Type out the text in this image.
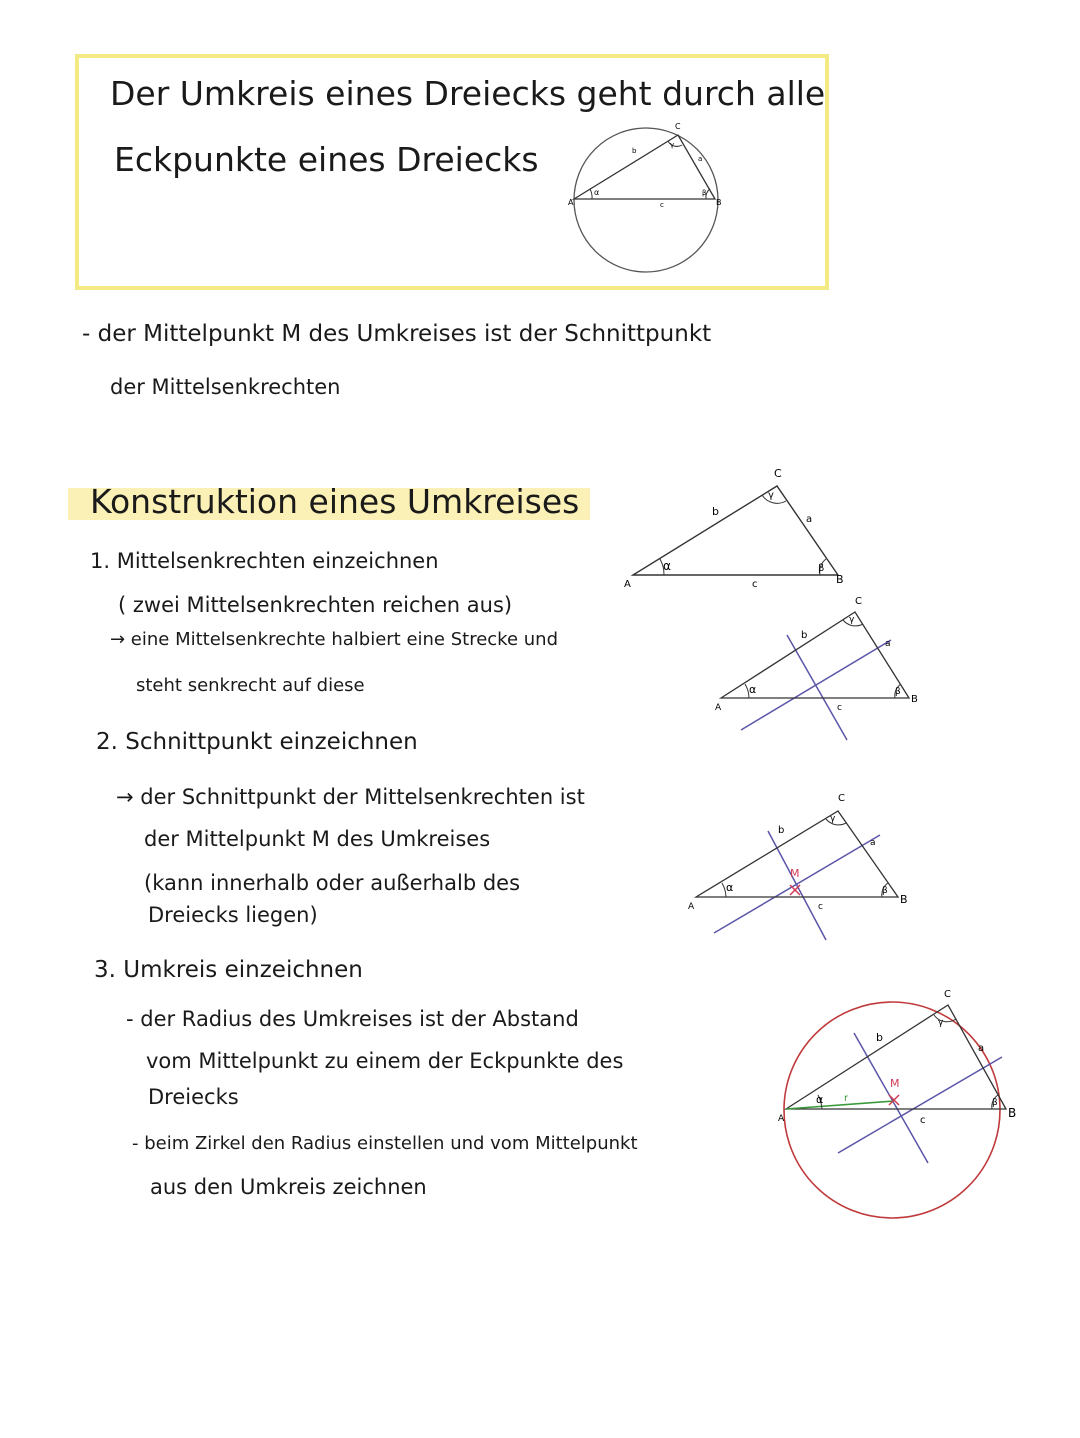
Der Umkreis eines Dreiecks geht durch alle
Eckpunkte eines Dreiecks
A	B
C
a
b
c
α	β
γ
- der Mittelpunkt M des Umkreises ist der Schnittpunkt
der Mittelsenkrechten
Konstruktion eines Umkreises
1. Mittelsenkrechten einzeichnen
( zwei Mittelsenkrechten reichen aus)
→ eine Mittelsenkrechte halbiert eine Strecke und
steht senkrecht auf diese
2. Schnittpunkt einzeichnen
→ der Schnittpunkt der Mittelsenkrechten ist
der Mittelpunkt M des Umkreises
(kann innerhalb oder außerhalb des
Dreiecks liegen)
3. Umkreis einzeichnen
- der Radius des Umkreises ist der Abstand
vom Mittelpunkt zu einem der Eckpunkte des
Dreiecks
- beim Zirkel den Radius einstellen und vom Mittelpunkt
aus den Umkreis zeichnen
A	B
C
a
b
c
α	β
γ
A
B
C
a
b
c
α	β
γ
M
A
B
C
a
b
c
α	β
γ
M
r
A	B
C
a
b
c
α	β
γ
